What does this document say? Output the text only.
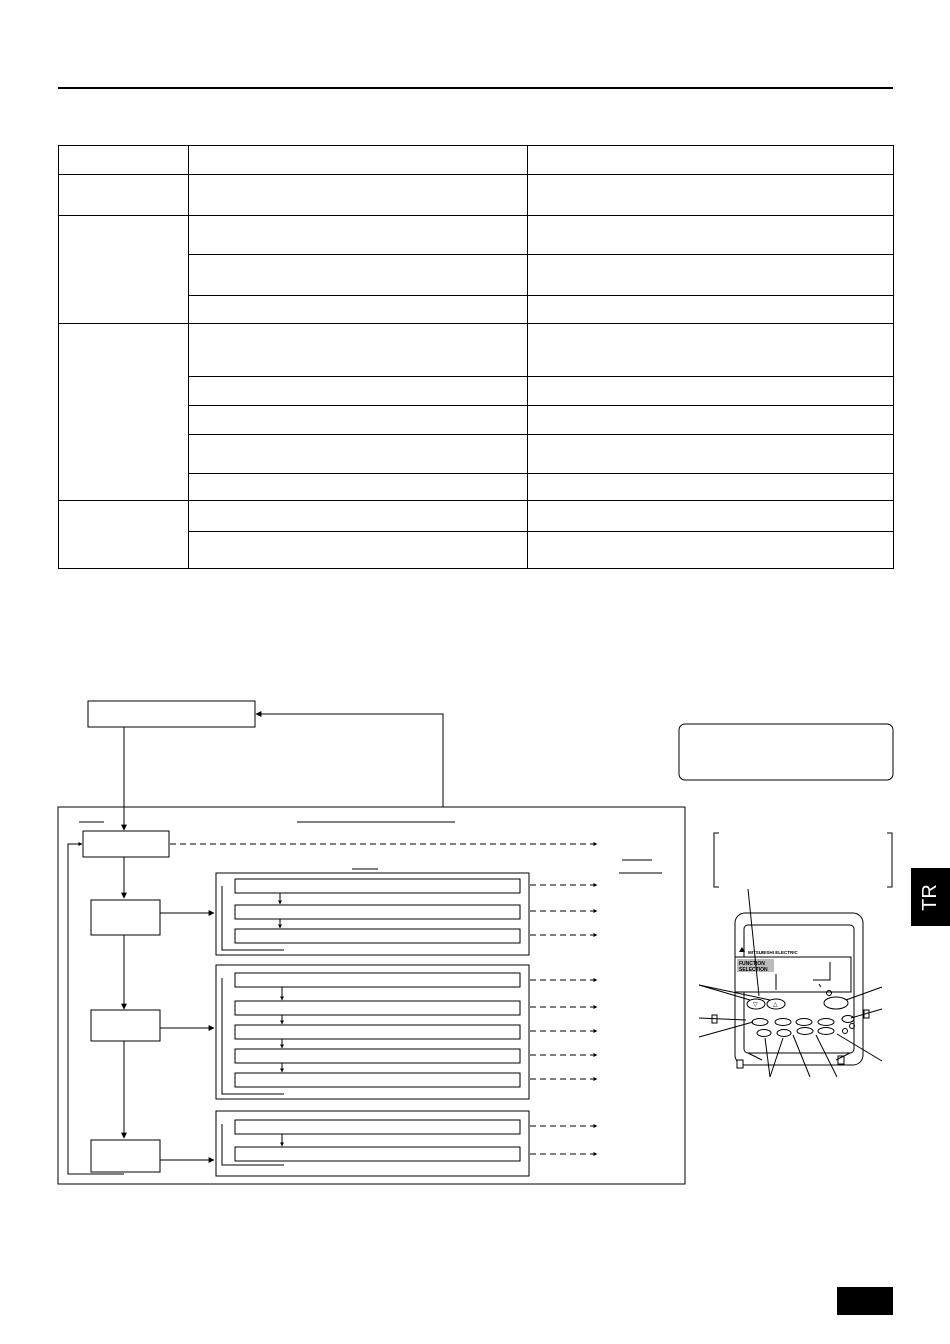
MITSUBISHI ELECTRIC
FUNCTION
SELECTION
▽	△
TR
